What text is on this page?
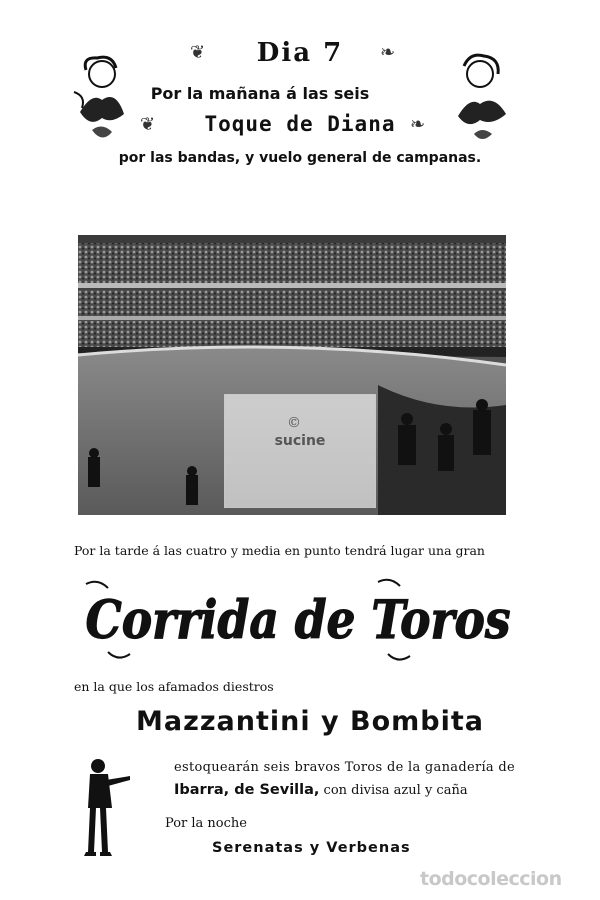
❦	❧
❦	❧
Dia 7
Por la mañana á las seis
Toque de Diana
por las bandas, y vuelo general de campanas.
©
sucine
Por la tarde á las cuatro y media en punto tendrá lugar una gran
Corrida de Toros
en la que los afamados diestros
Mazzantini y Bombita
estoquearán seis bravos Toros de la ganadería de
Ibarra, de Sevilla, con divisa azul y caña
Por la noche
Serenatas y Verbenas
todocoleccion
